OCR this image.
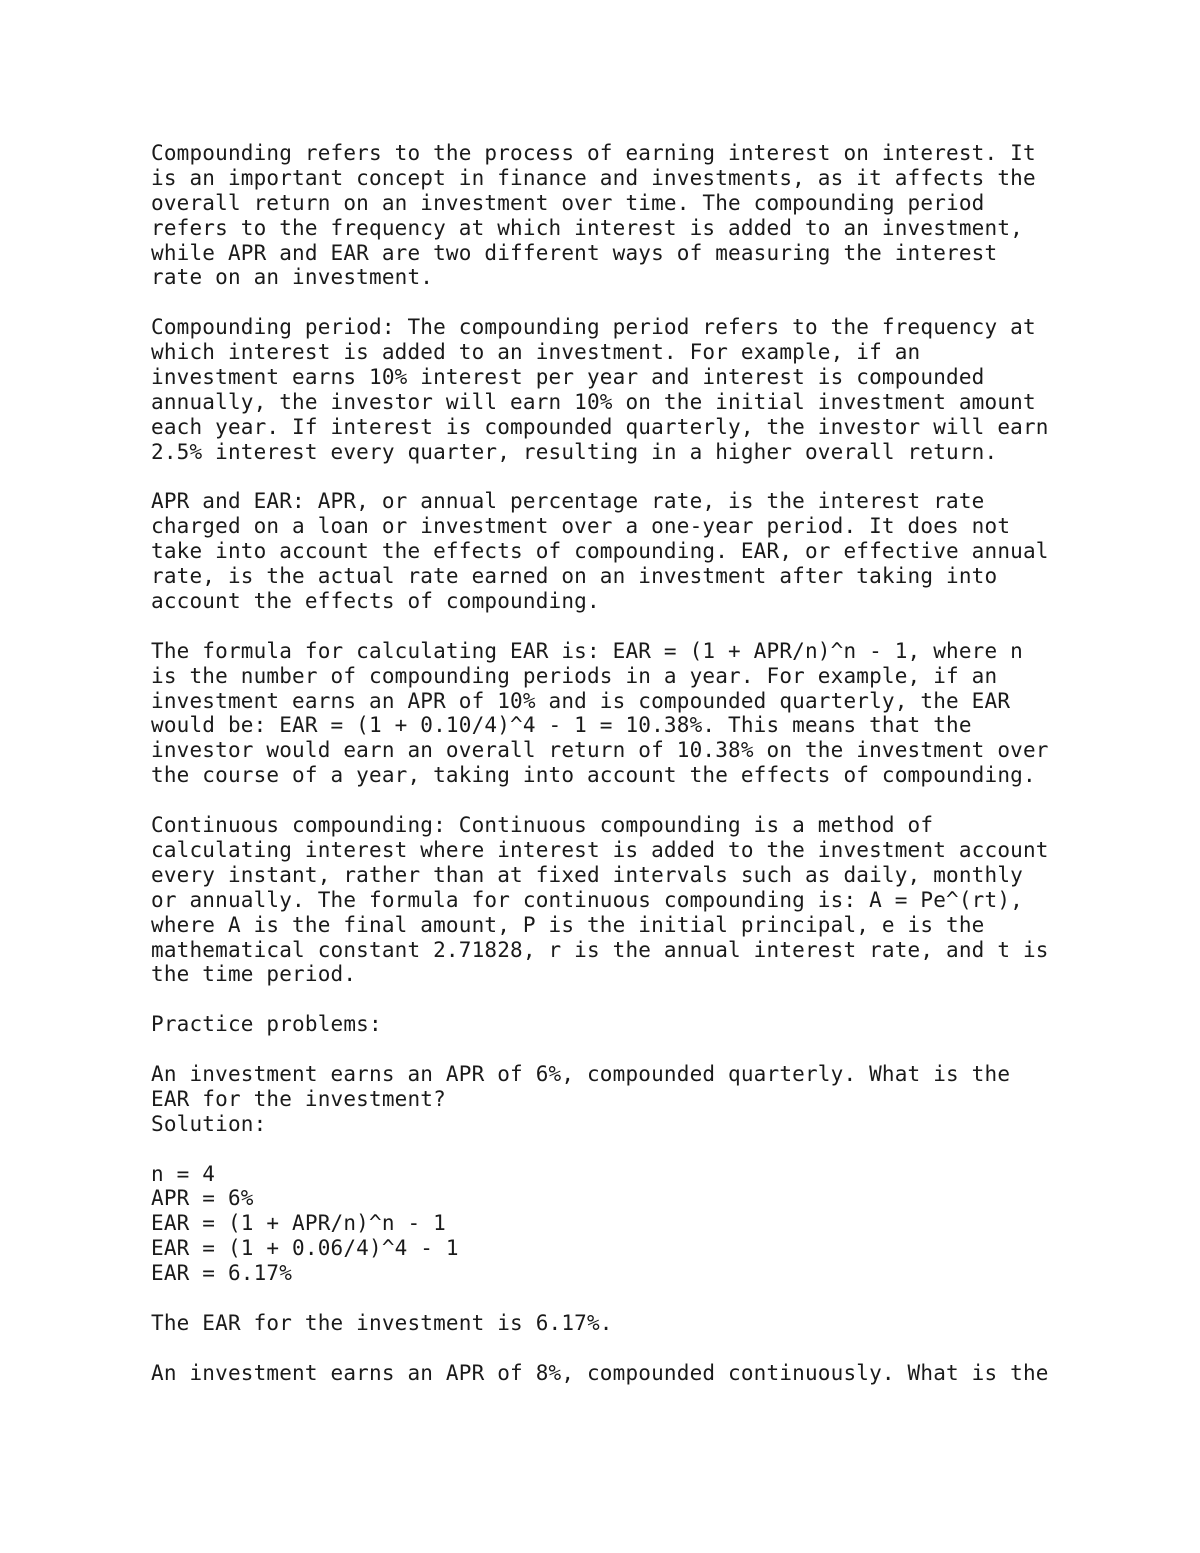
Compounding refers to the process of earning interest on interest. It
is an important concept in finance and investments, as it affects the
overall return on an investment over time. The compounding period
refers to the frequency at which interest is added to an investment,
while APR and EAR are two different ways of measuring the interest
rate on an investment.
Compounding period: The compounding period refers to the frequency at
which interest is added to an investment. For example, if an
investment earns 10% interest per year and interest is compounded
annually, the investor will earn 10% on the initial investment amount
each year. If interest is compounded quarterly, the investor will earn
2.5% interest every quarter, resulting in a higher overall return.
APR and EAR: APR, or annual percentage rate, is the interest rate
charged on a loan or investment over a one-year period. It does not
take into account the effects of compounding. EAR, or effective annual
rate, is the actual rate earned on an investment after taking into
account the effects of compounding.
The formula for calculating EAR is: EAR = (1 + APR/n)^n - 1, where n
is the number of compounding periods in a year. For example, if an
investment earns an APR of 10% and is compounded quarterly, the EAR
would be: EAR = (1 + 0.10/4)^4 - 1 = 10.38%. This means that the
investor would earn an overall return of 10.38% on the investment over
the course of a year, taking into account the effects of compounding.
Continuous compounding: Continuous compounding is a method of
calculating interest where interest is added to the investment account
every instant, rather than at fixed intervals such as daily, monthly
or annually. The formula for continuous compounding is: A = Pe^(rt),
where A is the final amount, P is the initial principal, e is the
mathematical constant 2.71828, r is the annual interest rate, and t is
the time period.
Practice problems:
An investment earns an APR of 6%, compounded quarterly. What is the
EAR for the investment?
Solution:
n = 4
APR = 6%
EAR = (1 + APR/n)^n - 1
EAR = (1 + 0.06/4)^4 - 1
EAR = 6.17%
The EAR for the investment is 6.17%.
An investment earns an APR of 8%, compounded continuously. What is the
